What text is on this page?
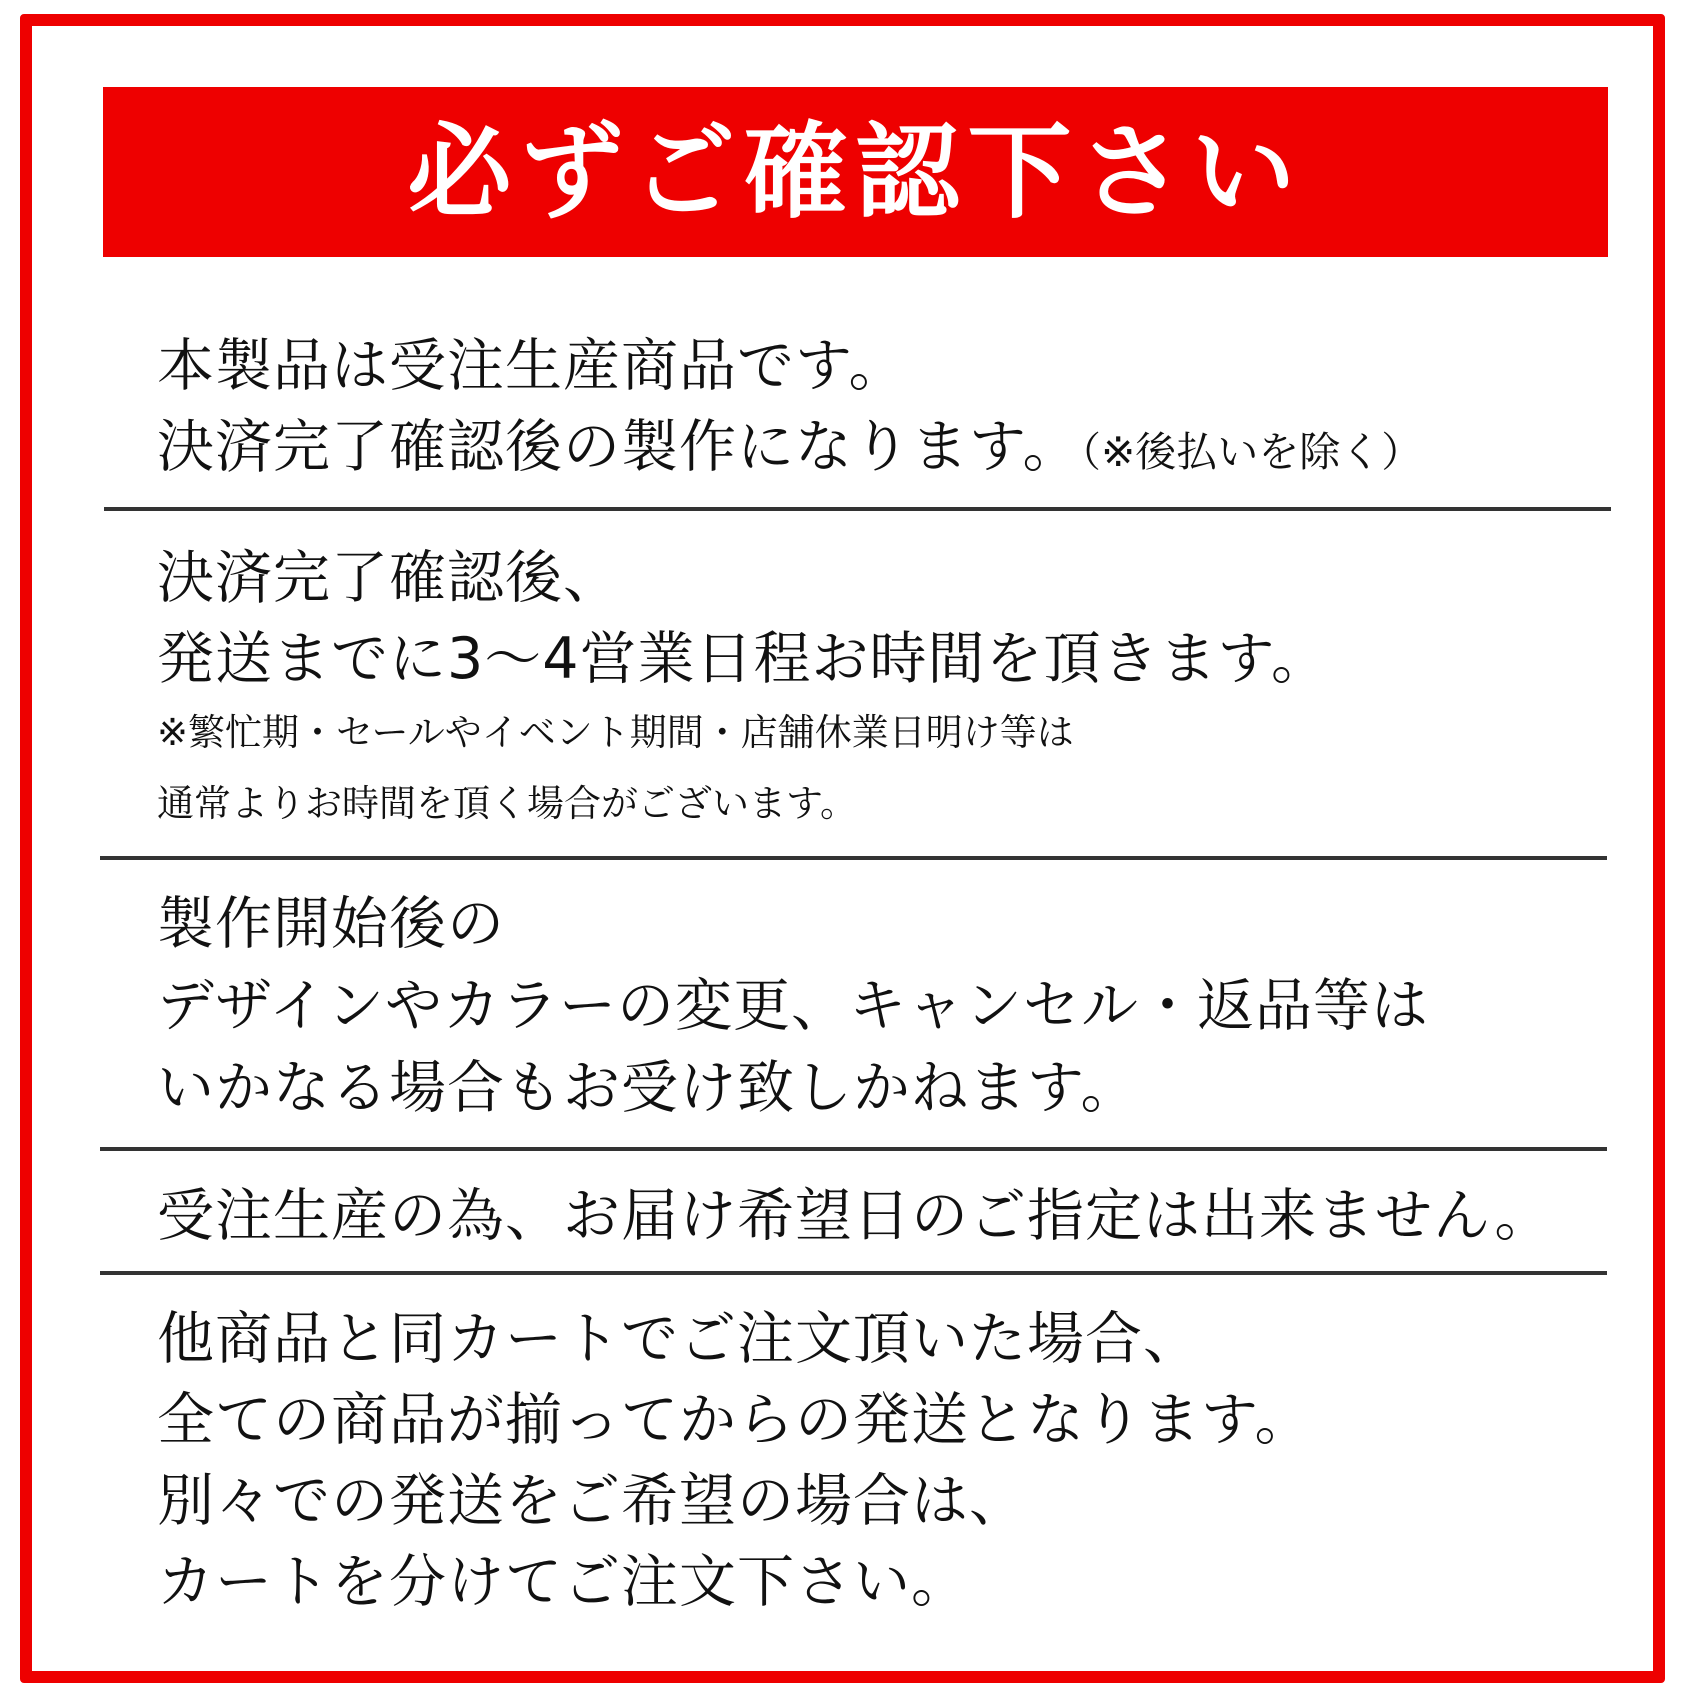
必ずご確認下さい
本製品は受注生産商品です。
決済完了確認後の製作になります。（※後払いを除く）
決済完了確認後、
発送までに3～4営業日程お時間を頂きます。
※繁忙期・セールやイベント期間・店舗休業日明け等は
通常よりお時間を頂く場合がございます。
製作開始後の
デザインやカラーの変更、キャンセル・返品等は
いかなる場合もお受け致しかねます。
受注生産の為、お届け希望日のご指定は出来ません。
他商品と同カートでご注文頂いた場合、
全ての商品が揃ってからの発送となります。
別々での発送をご希望の場合は、
カートを分けてご注文下さい。
